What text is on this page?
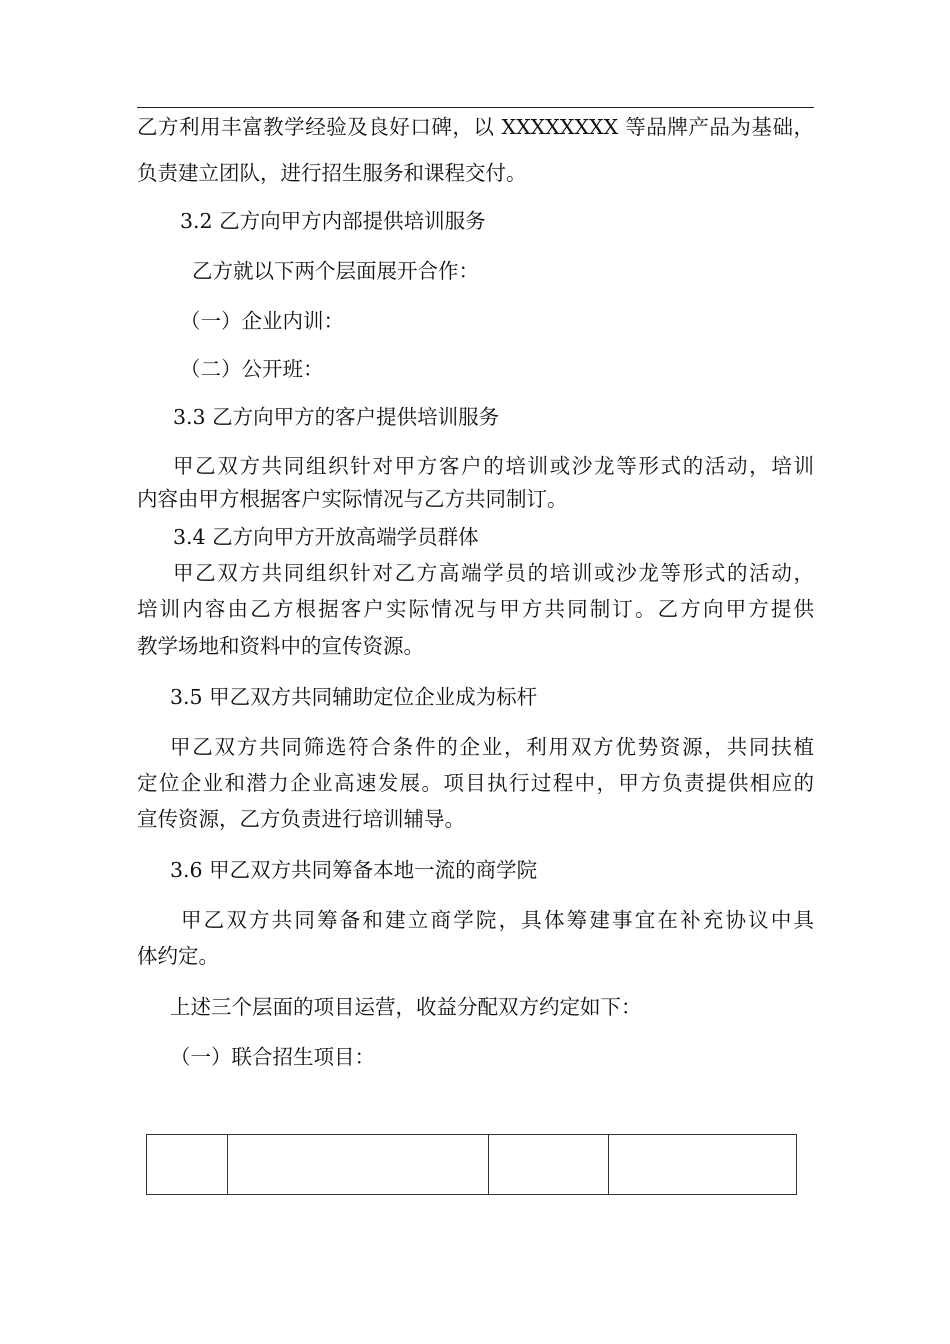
乙方利用丰富教学经验及良好口碑，以 XXXXXXXX 等品牌产品为基础，
负责建立团队，进行招生服务和课程交付。
3.2 乙方向甲方内部提供培训服务
乙方就以下两个层面展开合作：
（一）企业内训：
（二）公开班：
3.3 乙方向甲方的客户提供培训服务
甲乙双方共同组织针对甲方客户的培训或沙龙等形式的活动，培训
内容由甲方根据客户实际情况与乙方共同制订。
3.4 乙方向甲方开放高端学员群体
甲乙双方共同组织针对乙方高端学员的培训或沙龙等形式的活动，
培训内容由乙方根据客户实际情况与甲方共同制订。乙方向甲方提供
教学场地和资料中的宣传资源。
3.5 甲乙双方共同辅助定位企业成为标杆
甲乙双方共同筛选符合条件的企业，利用双方优势资源，共同扶植
定位企业和潜力企业高速发展。项目执行过程中，甲方负责提供相应的
宣传资源，乙方负责进行培训辅导。
3.6 甲乙双方共同筹备本地一流的商学院
甲乙双方共同筹备和建立商学院，具体筹建事宜在补充协议中具
体约定。
上述三个层面的项目运营，收益分配双方约定如下：
（一）联合招生项目：
